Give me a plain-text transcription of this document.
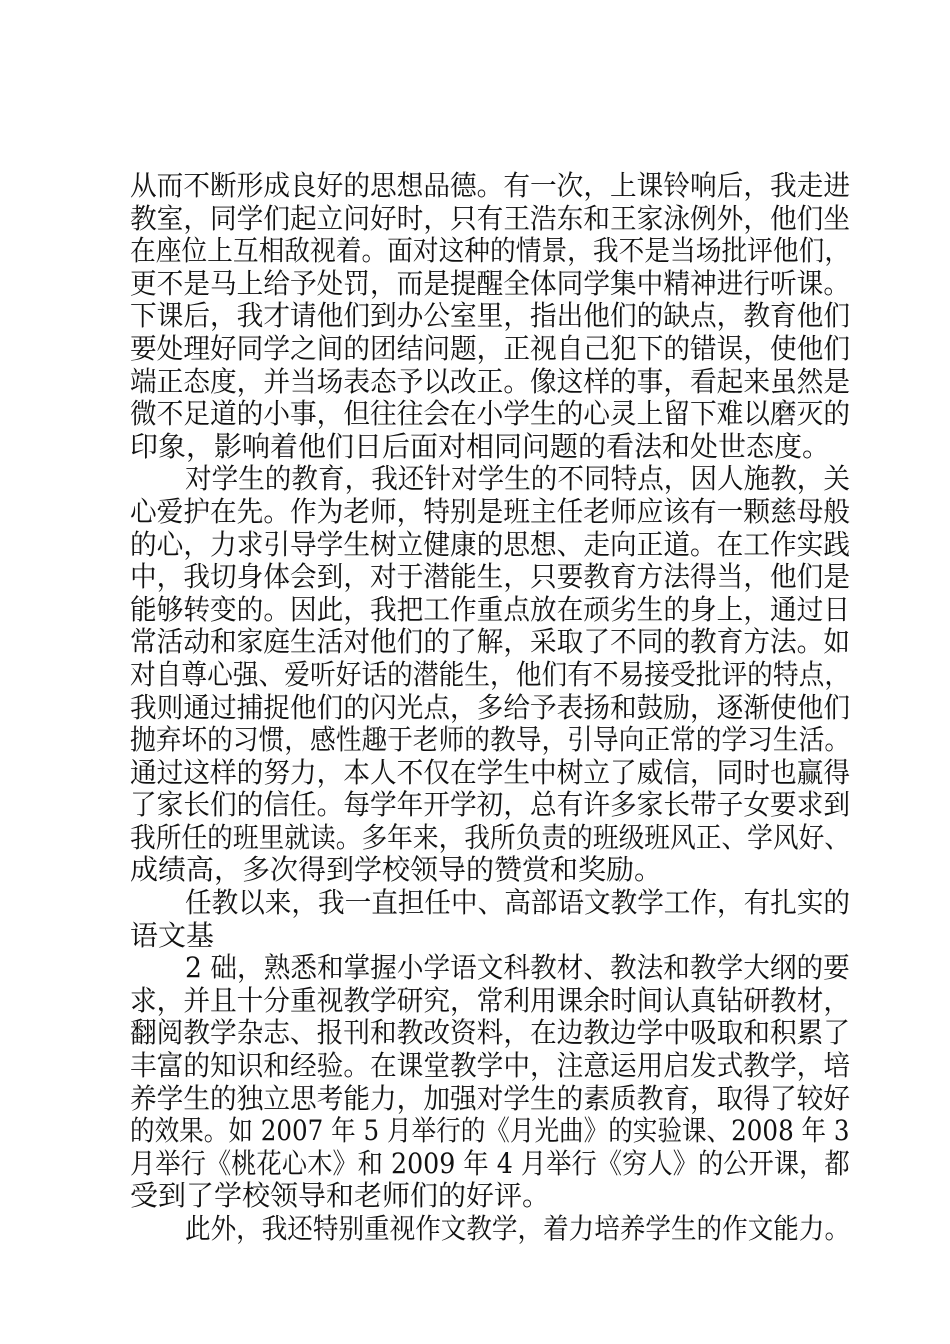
从而不断形成良好的思想品德。有一次，上课铃响后，我走进
教室，同学们起立问好时，只有王浩东和王家泳例外，他们坐
在座位上互相敌视着。面对这种的情景，我不是当场批评他们，
更不是马上给予处罚，而是提醒全体同学集中精神进行听课。
下课后，我才请他们到办公室里，指出他们的缺点，教育他们
要处理好同学之间的团结问题，正视自己犯下的错误，使他们
端正态度，并当场表态予以改正。像这样的事，看起来虽然是
微不足道的小事，但往往会在小学生的心灵上留下难以磨灭的
印象，影响着他们日后面对相同问题的看法和处世态度。
对学生的教育，我还针对学生的不同特点，因人施教，关
心爱护在先。作为老师，特别是班主任老师应该有一颗慈母般
的心，力求引导学生树立健康的思想、走向正道。在工作实践
中，我切身体会到，对于潜能生，只要教育方法得当，他们是
能够转变的。因此，我把工作重点放在顽劣生的身上，通过日
常活动和家庭生活对他们的了解，采取了不同的教育方法。如
对自尊心强、爱听好话的潜能生，他们有不易接受批评的特点，
我则通过捕捉他们的闪光点，多给予表扬和鼓励，逐渐使他们
抛弃坏的习惯，感性趣于老师的教导，引导向正常的学习生活。
通过这样的努力，本人不仅在学生中树立了威信，同时也赢得
了家长们的信任。每学年开学初，总有许多家长带子女要求到
我所任的班里就读。多年来，我所负责的班级班风正、学风好、
成绩高，多次得到学校领导的赞赏和奖励。
任教以来，我一直担任中、高部语文教学工作，有扎实的
语文基
2 础，熟悉和掌握小学语文科教材、教法和教学大纲的要
求，并且十分重视教学研究，常利用课余时间认真钻研教材，
翻阅教学杂志、报刊和教改资料，在边教边学中吸取和积累了
丰富的知识和经验。在课堂教学中，注意运用启发式教学，培
养学生的独立思考能力，加强对学生的素质教育，取得了较好
的效果。如 2007 年 5 月举行的《月光曲》的实验课、2008 年 3
月举行《桃花心木》和 2009 年 4 月举行《穷人》的公开课，都
受到了学校领导和老师们的好评。
此外，我还特别重视作文教学，着力培养学生的作文能力。
